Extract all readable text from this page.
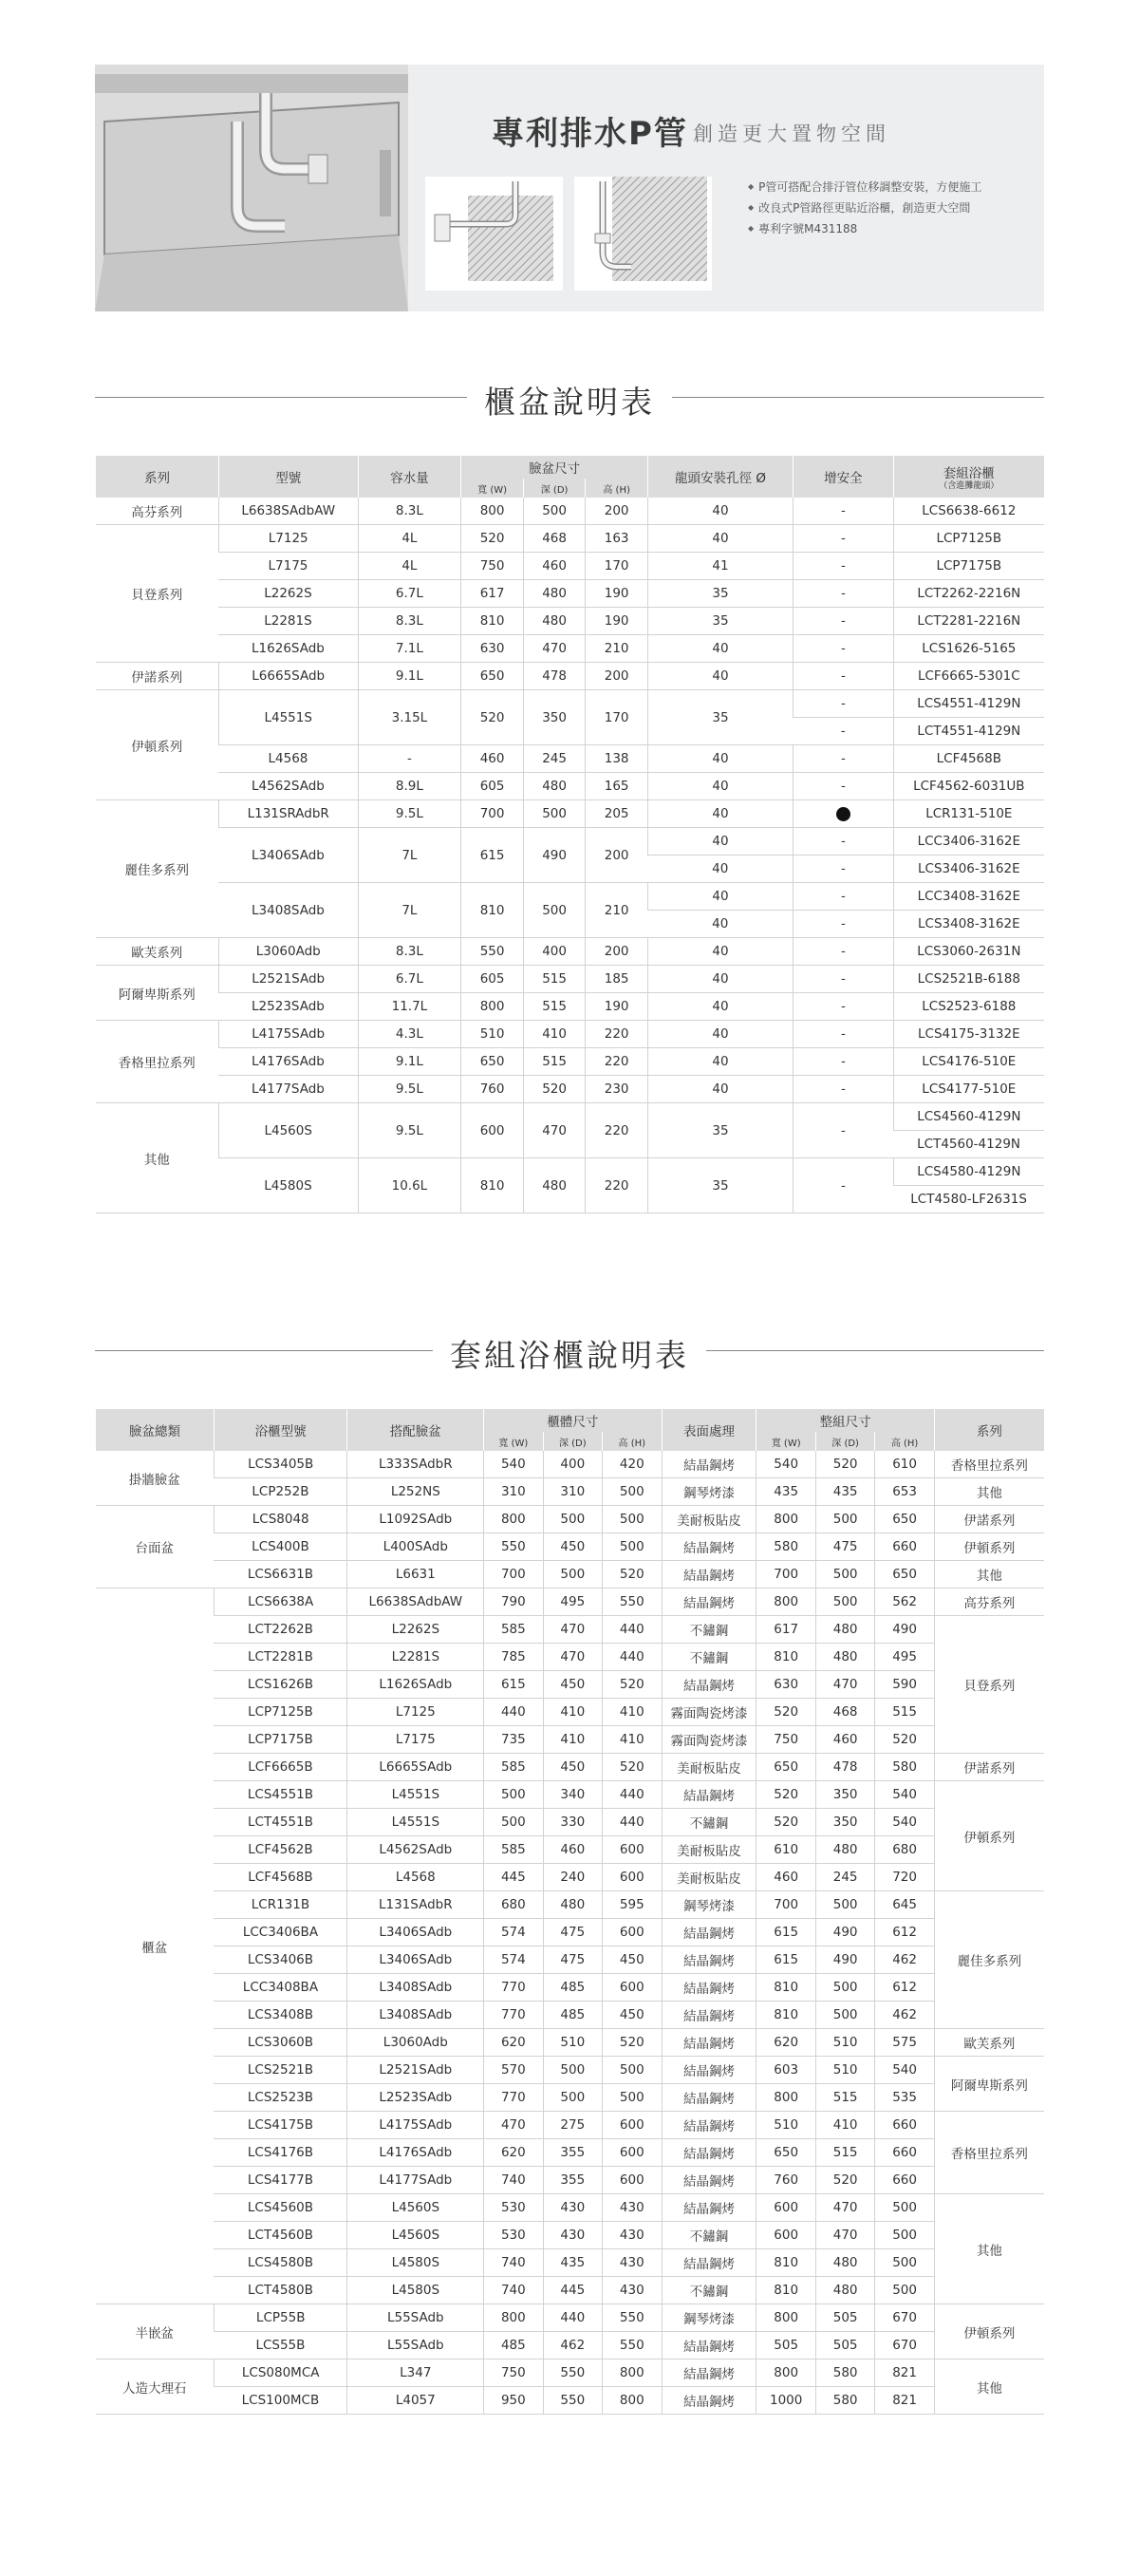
專利排水P管 創造更大置物空間
◆ P管可搭配合排汙管位移調整安裝，方便施工
◆ 改良式P管路徑更貼近浴櫃，創造更大空間
◆ 專利字號M431188
櫃盆說明表
系列	型號	容水量	臉盆尺寸			龍頭安裝孔徑 Ø	增安全	套組浴櫃
（含進攤龍頭）

			寬 (W)	深 (D)	高 (H)			
高芬系列	L6638SAdbAW	8.3L	800	500	200	40	-	LCS6638-6612
貝登系列	L7125	4L	520	468	163	40	-	LCP7125B
	L7175	4L	750	460	170	41	-	LCP7175B
	L2262S	6.7L	617	480	190	35	-	LCT2262-2216N
	L2281S	8.3L	810	480	190	35	-	LCT2281-2216N
	L1626SAdb	7.1L	630	470	210	40	-	LCS1626-5165
伊諾系列	L6665SAdb	9.1L	650	478	200	40	-	LCF6665-5301C
伊頓系列	L4551S	3.15L	520	350	170	35	-	LCS4551-4129N
							-	LCT4551-4129N
	L4568	-	460	245	138	40	-	LCF4568B
	L4562SAdb	8.9L	605	480	165	40	-	LCF4562-6031UB
麗佳多系列	L131SRAdbR	9.5L	700	500	205	40		LCR131-510E
	L3406SAdb	7L	615	490	200	40	-	LCC3406-3162E
						40	-	LCS3406-3162E
	L3408SAdb	7L	810	500	210	40	-	LCC3408-3162E
						40	-	LCS3408-3162E
歐芙系列	L3060Adb	8.3L	550	400	200	40	-	LCS3060-2631N
阿爾卑斯系列	L2521SAdb	6.7L	605	515	185	40	-	LCS2521B-6188
	L2523SAdb	11.7L	800	515	190	40	-	LCS2523-6188
香格里拉系列	L4175SAdb	4.3L	510	410	220	40	-	LCS4175-3132E
	L4176SAdb	9.1L	650	515	220	40	-	LCS4176-510E
	L4177SAdb	9.5L	760	520	230	40	-	LCS4177-510E
其他	L4560S	9.5L	600	470	220	35	-	LCS4560-4129N
								LCT4560-4129N
	L4580S	10.6L	810	480	220	35	-	LCS4580-4129N
								LCT4580-LF2631S
套組浴櫃說明表
臉盆總類	浴櫃型號	搭配臉盆	櫃體尺寸			表面處理	整組尺寸			系列
			寬 (W)	深 (D)	高 (H)		寬 (W)	深 (D)	高 (H)	
掛牆臉盆	LCS3405B	L333SAdbR	540	400	420	結晶鋼烤	540	520	610	香格里拉系列
	LCP252B	L252NS	310	310	500	鋼琴烤漆	435	435	653	其他
台面盆	LCS8048	L1092SAdb	800	500	500	美耐板貼皮	800	500	650	伊諾系列
	LCS400B	L400SAdb	550	450	500	結晶鋼烤	580	475	660	伊頓系列
	LCS6631B	L6631	700	500	520	結晶鋼烤	700	500	650	其他
櫃盆	LCS6638A	L6638SAdbAW	790	495	550	結晶鋼烤	800	500	562	高芬系列
	LCT2262B	L2262S	585	470	440	不鏽鋼	617	480	490	貝登系列
	LCT2281B	L2281S	785	470	440	不鏽鋼	810	480	495	
	LCS1626B	L1626SAdb	615	450	520	結晶鋼烤	630	470	590	
	LCP7125B	L7125	440	410	410	霧面陶瓷烤漆	520	468	515	
	LCP7175B	L7175	735	410	410	霧面陶瓷烤漆	750	460	520	
	LCF6665B	L6665SAdb	585	450	520	美耐板貼皮	650	478	580	伊諾系列
	LCS4551B	L4551S	500	340	440	結晶鋼烤	520	350	540	伊頓系列
	LCT4551B	L4551S	500	330	440	不鏽鋼	520	350	540	
	LCF4562B	L4562SAdb	585	460	600	美耐板貼皮	610	480	680	
	LCF4568B	L4568	445	240	600	美耐板貼皮	460	245	720	
	LCR131B	L131SAdbR	680	480	595	鋼琴烤漆	700	500	645	麗佳多系列
	LCC3406BA	L3406SAdb	574	475	600	結晶鋼烤	615	490	612	
	LCS3406B	L3406SAdb	574	475	450	結晶鋼烤	615	490	462	
	LCC3408BA	L3408SAdb	770	485	600	結晶鋼烤	810	500	612	
	LCS3408B	L3408SAdb	770	485	450	結晶鋼烤	810	500	462	
	LCS3060B	L3060Adb	620	510	520	結晶鋼烤	620	510	575	歐芙系列
	LCS2521B	L2521SAdb	570	500	500	結晶鋼烤	603	510	540	阿爾卑斯系列
	LCS2523B	L2523SAdb	770	500	500	結晶鋼烤	800	515	535	
	LCS4175B	L4175SAdb	470	275	600	結晶鋼烤	510	410	660	香格里拉系列
	LCS4176B	L4176SAdb	620	355	600	結晶鋼烤	650	515	660	
	LCS4177B	L4177SAdb	740	355	600	結晶鋼烤	760	520	660	
	LCS4560B	L4560S	530	430	430	結晶鋼烤	600	470	500	其他
	LCT4560B	L4560S	530	430	430	不鏽鋼	600	470	500	
	LCS4580B	L4580S	740	435	430	結晶鋼烤	810	480	500	
	LCT4580B	L4580S	740	445	430	不鏽鋼	810	480	500	
半嵌盆	LCP55B	L55SAdb	800	440	550	鋼琴烤漆	800	505	670	伊頓系列
	LCS55B	L55SAdb	485	462	550	結晶鋼烤	505	505	670	
人造大理石	LCS080MCA	L347	750	550	800	結晶鋼烤	800	580	821	其他
	LCS100MCB	L4057	950	550	800	結晶鋼烤	1000	580	821	
